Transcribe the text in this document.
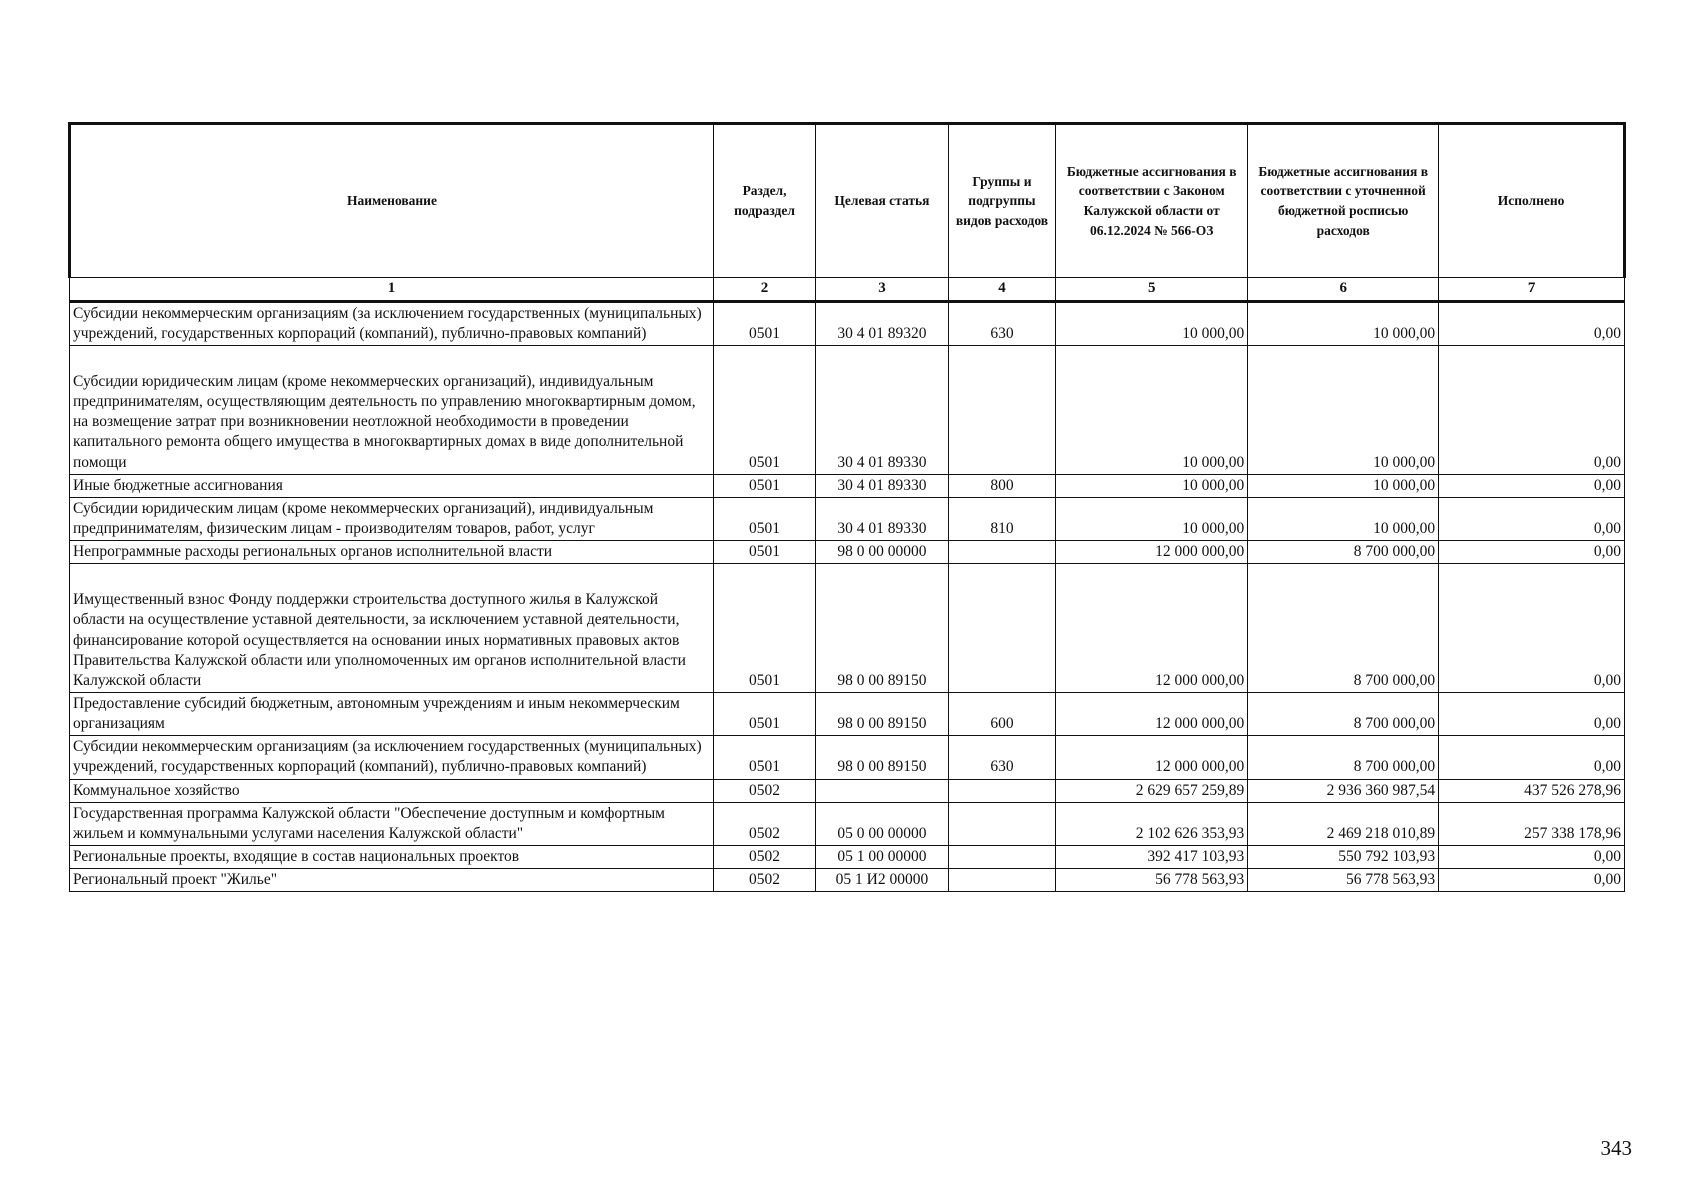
Наименование	Раздел, подраздел	Целевая статья	Группы и подгруппы видов расходов	Бюджетные ассигнования в соответствии с Законом Калужской области от 06.12.2024 № 566-ОЗ	Бюджетные ассигнования в соответствии с уточненной бюджетной росписью расходов	Исполнено
1	2	3	4	5	6	7
Субсидии некоммерческим организациям (за исключением государственных (муниципальных) учреждений, государственных корпораций (компаний), публично-правовых компаний)	0501	30 4 01 89320	630	10 000,00	10 000,00	0,00
Субсидии юридическим лицам (кроме некоммерческих организаций), индивидуальным предпринимателям, осуществляющим деятельность по управлению многоквартирным домом, на возмещение затрат при возникновении неотложной необходимости в проведении капитального ремонта общего имущества в многоквартирных домах в виде дополнительной помощи	0501	30 4 01 89330		10 000,00	10 000,00	0,00
Иные бюджетные ассигнования	0501	30 4 01 89330	800	10 000,00	10 000,00	0,00
Субсидии юридическим лицам (кроме некоммерческих организаций), индивидуальным предпринимателям, физическим лицам - производителям товаров, работ, услуг	0501	30 4 01 89330	810	10 000,00	10 000,00	0,00
Непрограммные расходы региональных органов исполнительной власти	0501	98 0 00 00000		12 000 000,00	8 700 000,00	0,00
Имущественный взнос Фонду поддержки строительства доступного жилья в Калужской области на осуществление уставной деятельности, за исключением уставной деятельности, финансирование которой осуществляется на основании иных нормативных правовых актов Правительства Калужской области или уполномоченных им органов исполнительной власти Калужской области	0501	98 0 00 89150		12 000 000,00	8 700 000,00	0,00
Предоставление субсидий бюджетным, автономным учреждениям и иным некоммерческим организациям	0501	98 0 00 89150	600	12 000 000,00	8 700 000,00	0,00
Субсидии некоммерческим организациям (за исключением государственных (муниципальных) учреждений, государственных корпораций (компаний), публично-правовых компаний)	0501	98 0 00 89150	630	12 000 000,00	8 700 000,00	0,00
Коммунальное хозяйство	0502			2 629 657 259,89	2 936 360 987,54	437 526 278,96
Государственная программа Калужской области "Обеспечение доступным и комфортным жильем и коммунальными услугами населения Калужской области"	0502	05 0 00 00000		2 102 626 353,93	2 469 218 010,89	257 338 178,96
Региональные проекты, входящие в состав национальных проектов	0502	05 1 00 00000		392 417 103,93	550 792 103,93	0,00
Региональный проект "Жилье"	0502	05 1 И2 00000		56 778 563,93	56 778 563,93	0,00
343
